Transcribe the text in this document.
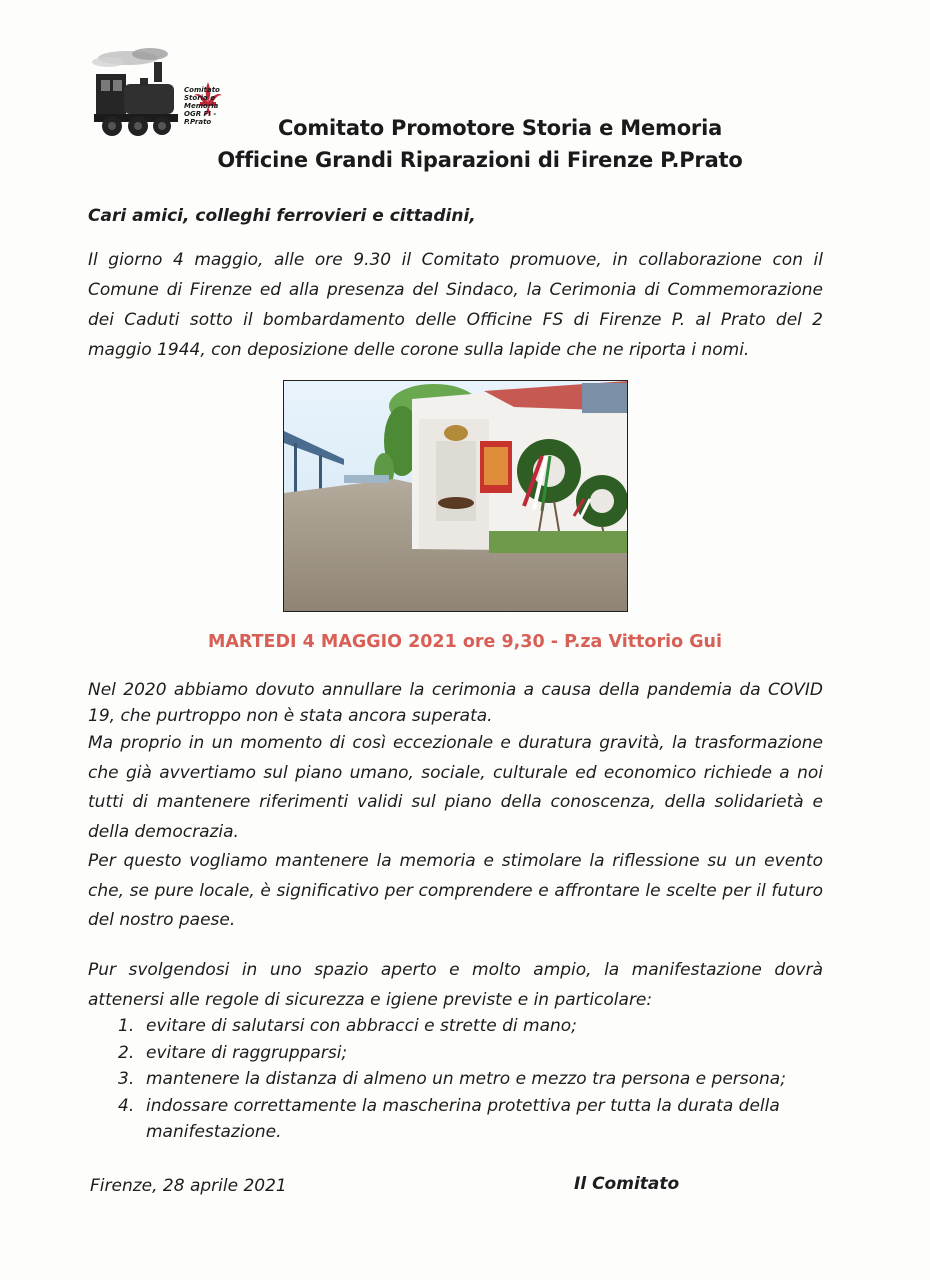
Comitato Storia e Memoria OGR FI - P.Prato	Comitato Promotore Storia e Memoria
Officine Grandi Riparazioni di Firenze P.Prato
Cari amici, colleghi ferrovieri e cittadini,
Il giorno 4 maggio, alle ore 9.30 il Comitato promuove, in collaborazione con il Comune di Firenze ed alla presenza del Sindaco, la Cerimonia di Commemorazione dei Caduti sotto il bombardamento delle Officine FS di Firenze P. al Prato del 2 maggio 1944, con deposizione delle corone sulla lapide che ne riporta i nomi.
MARTEDI 4 MAGGIO 2021 ore 9,30 - P.za Vittorio Gui
Nel 2020 abbiamo dovuto annullare la cerimonia a causa della pandemia da COVID 19, che purtroppo non è stata ancora superata.
Ma proprio in un momento di così eccezionale e duratura gravità, la trasformazione che già avvertiamo sul piano umano, sociale, culturale ed economico richiede a noi tutti di mantenere riferimenti validi sul piano della conoscenza, della solidarietà e della democrazia.
Per questo vogliamo mantenere la memoria e stimolare la riflessione su un evento che, se pure locale, è significativo per comprendere e affrontare le scelte per il futuro del nostro paese.
Pur svolgendosi in uno spazio aperto e molto ampio, la manifestazione dovrà attenersi alle regole di sicurezza e igiene previste e in particolare:
1. evitare di salutarsi con abbracci e strette di mano;
2. evitare di raggrupparsi;
3. mantenere la distanza di almeno un metro e mezzo tra persona e persona;
4. indossare correttamente la mascherina protettiva per tutta la durata della manifestazione.
Firenze, 28 aprile 2021	Il Comitato
